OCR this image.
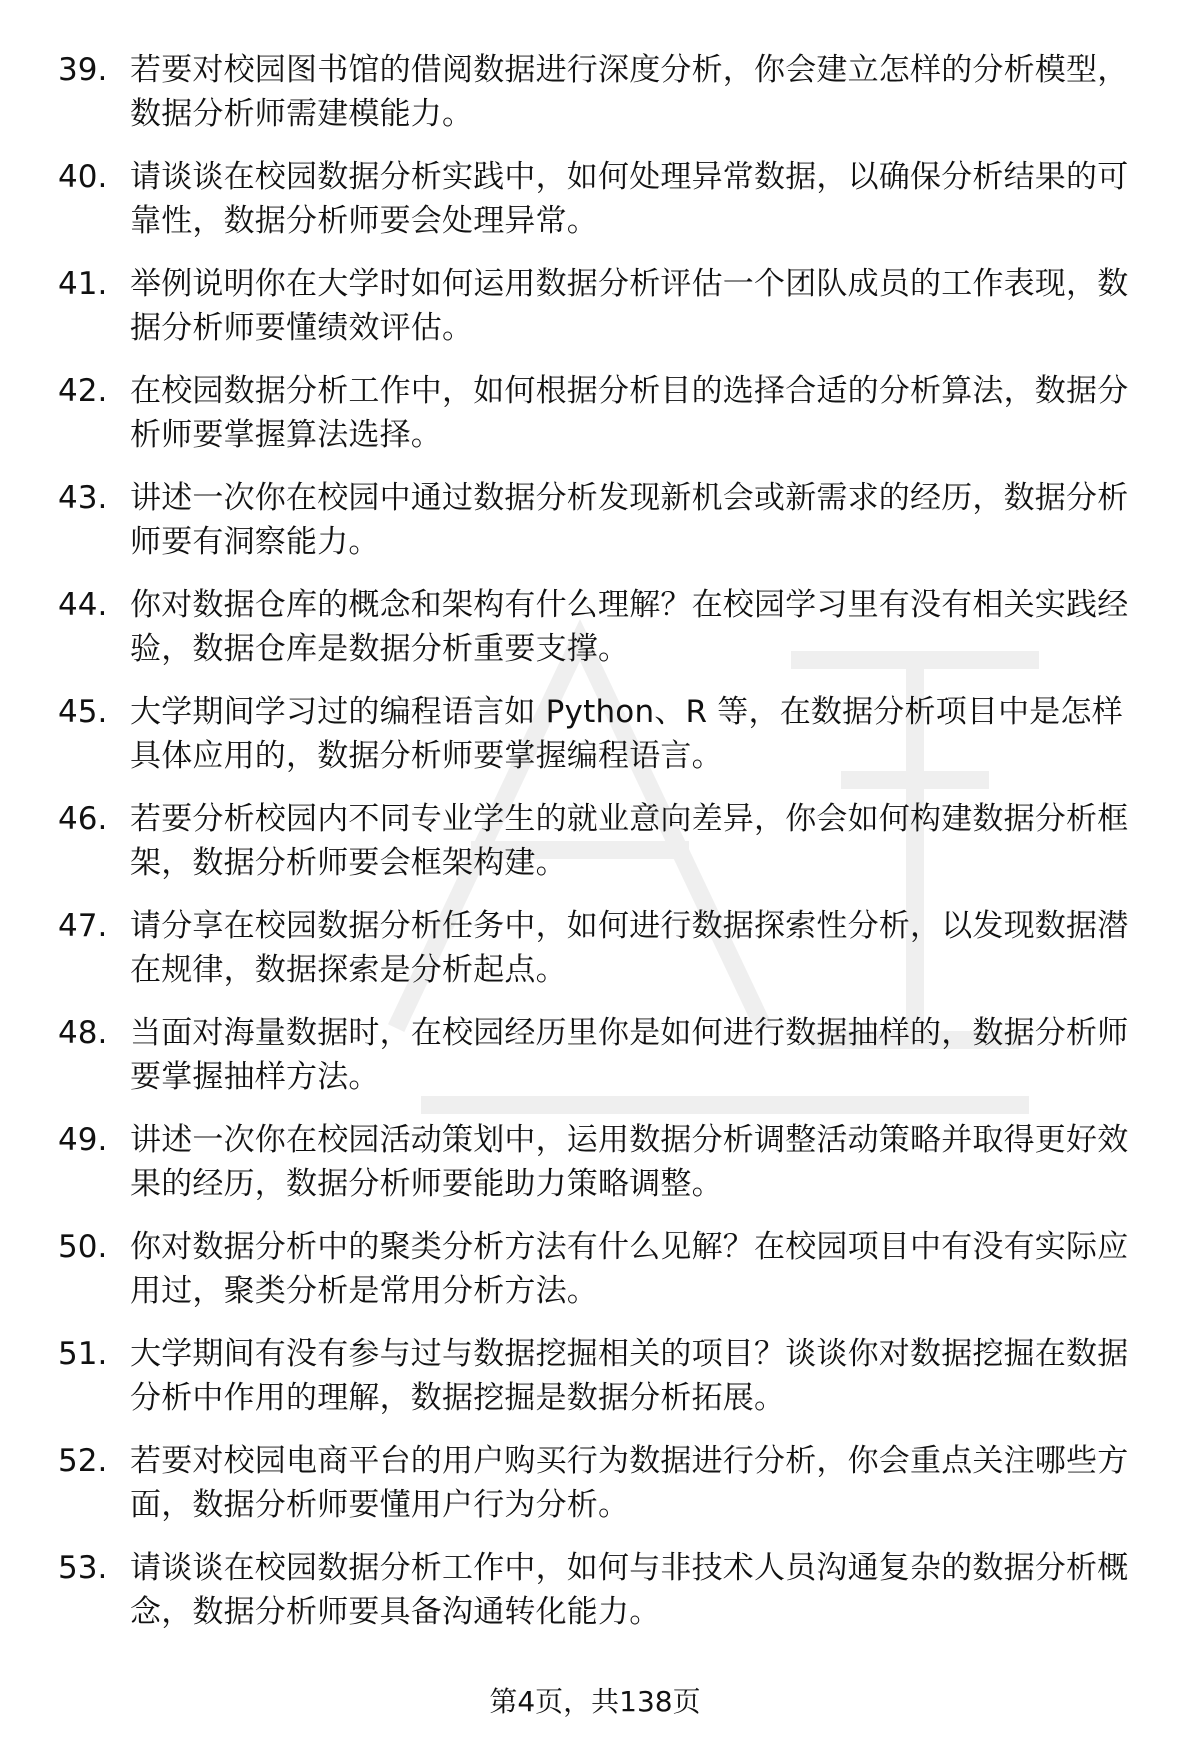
39. 若要对校园图书馆的借阅数据进行深度分析，你会建立怎样的分析模型，数据分析师需建模能力。
40. 请谈谈在校园数据分析实践中，如何处理异常数据，以确保分析结果的可靠性，数据分析师要会处理异常。
41. 举例说明你在大学时如何运用数据分析评估一个团队成员的工作表现，数据分析师要懂绩效评估。
42. 在校园数据分析工作中，如何根据分析目的选择合适的分析算法，数据分析师要掌握算法选择。
43. 讲述一次你在校园中通过数据分析发现新机会或新需求的经历，数据分析师要有洞察能力。
44. 你对数据仓库的概念和架构有什么理解？在校园学习里有没有相关实践经验，数据仓库是数据分析重要支撑。
45. 大学期间学习过的编程语言如 Python、R 等，在数据分析项目中是怎样具体应用的，数据分析师要掌握编程语言。
46. 若要分析校园内不同专业学生的就业意向差异，你会如何构建数据分析框架，数据分析师要会框架构建。
47. 请分享在校园数据分析任务中，如何进行数据探索性分析，以发现数据潜在规律，数据探索是分析起点。
48. 当面对海量数据时，在校园经历里你是如何进行数据抽样的，数据分析师要掌握抽样方法。
49. 讲述一次你在校园活动策划中，运用数据分析调整活动策略并取得更好效果的经历，数据分析师要能助力策略调整。
50. 你对数据分析中的聚类分析方法有什么见解？在校园项目中有没有实际应用过，聚类分析是常用分析方法。
51. 大学期间有没有参与过与数据挖掘相关的项目？谈谈你对数据挖掘在数据分析中作用的理解，数据挖掘是数据分析拓展。
52. 若要对校园电商平台的用户购买行为数据进行分析，你会重点关注哪些方面，数据分析师要懂用户行为分析。
53. 请谈谈在校园数据分析工作中，如何与非技术人员沟通复杂的数据分析概念，数据分析师要具备沟通转化能力。
第4页，共138页
